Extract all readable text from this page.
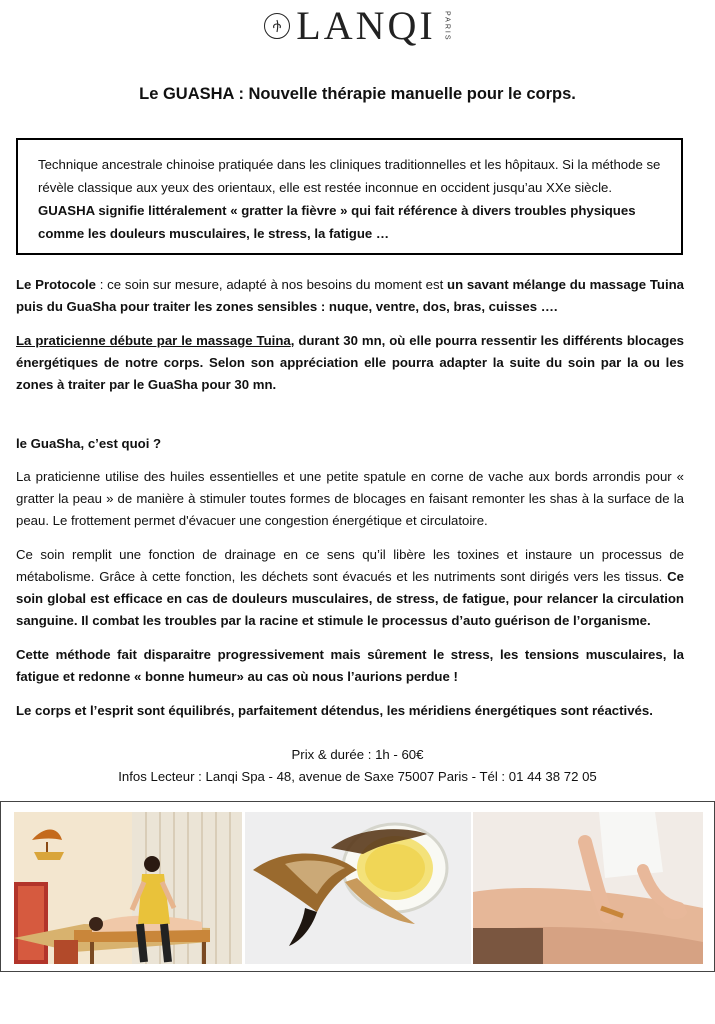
LANQI PARIS
Le GUASHA : Nouvelle thérapie manuelle pour le corps.
Technique ancestrale chinoise pratiquée dans les cliniques traditionnelles et les hôpitaux. Si la méthode se révèle classique aux yeux des orientaux, elle est restée inconnue en occident jusqu’au XXe siècle. GUASHA signifie littéralement « gratter la fièvre » qui fait référence à divers troubles physiques comme les douleurs musculaires, le stress, la fatigue …

Le Protocole : ce soin sur mesure, adapté à nos besoins du moment est un savant mélange du massage Tuina puis du GuaSha pour traiter les zones sensibles : nuque, ventre, dos, bras, cuisses ….

La praticienne débute par le massage Tuina, durant 30 mn, où elle pourra ressentir les différents blocages énergétiques de notre corps. Selon son appréciation elle pourra adapter la suite du soin par la ou les zones à traiter par le GuaSha pour 30 mn.

le GuaSha, c’est quoi ?

La praticienne utilise des huiles essentielles et une petite spatule en corne de vache aux bords arrondis pour « gratter la peau » de manière à stimuler toutes formes de blocages en faisant remonter les shas à la surface de la peau. Le frottement permet d'évacuer une congestion énergétique et circulatoire.

Ce soin remplit une fonction de drainage en ce sens qu’il libère les toxines et instaure un processus de métabolisme. Grâce à cette fonction, les déchets sont évacués et les nutriments sont dirigés vers les tissus. Ce soin global est efficace en cas de douleurs musculaires, de stress, de fatigue, pour relancer la circulation sanguine. Il combat les troubles par la racine et stimule le processus d’auto guérison de l’organisme.

Cette méthode fait disparaitre progressivement mais sûrement le stress, les tensions musculaires, la fatigue et redonne « bonne humeur» au cas où nous l’aurions perdue !

Le corps et l’esprit sont équilibrés, parfaitement détendus, les méridiens énergétiques sont réactivés.

Prix & durée : 1h - 60€
Infos Lecteur : Lanqi Spa - 48, avenue de Saxe 75007 Paris - Tél : 01 44 38 72 05
